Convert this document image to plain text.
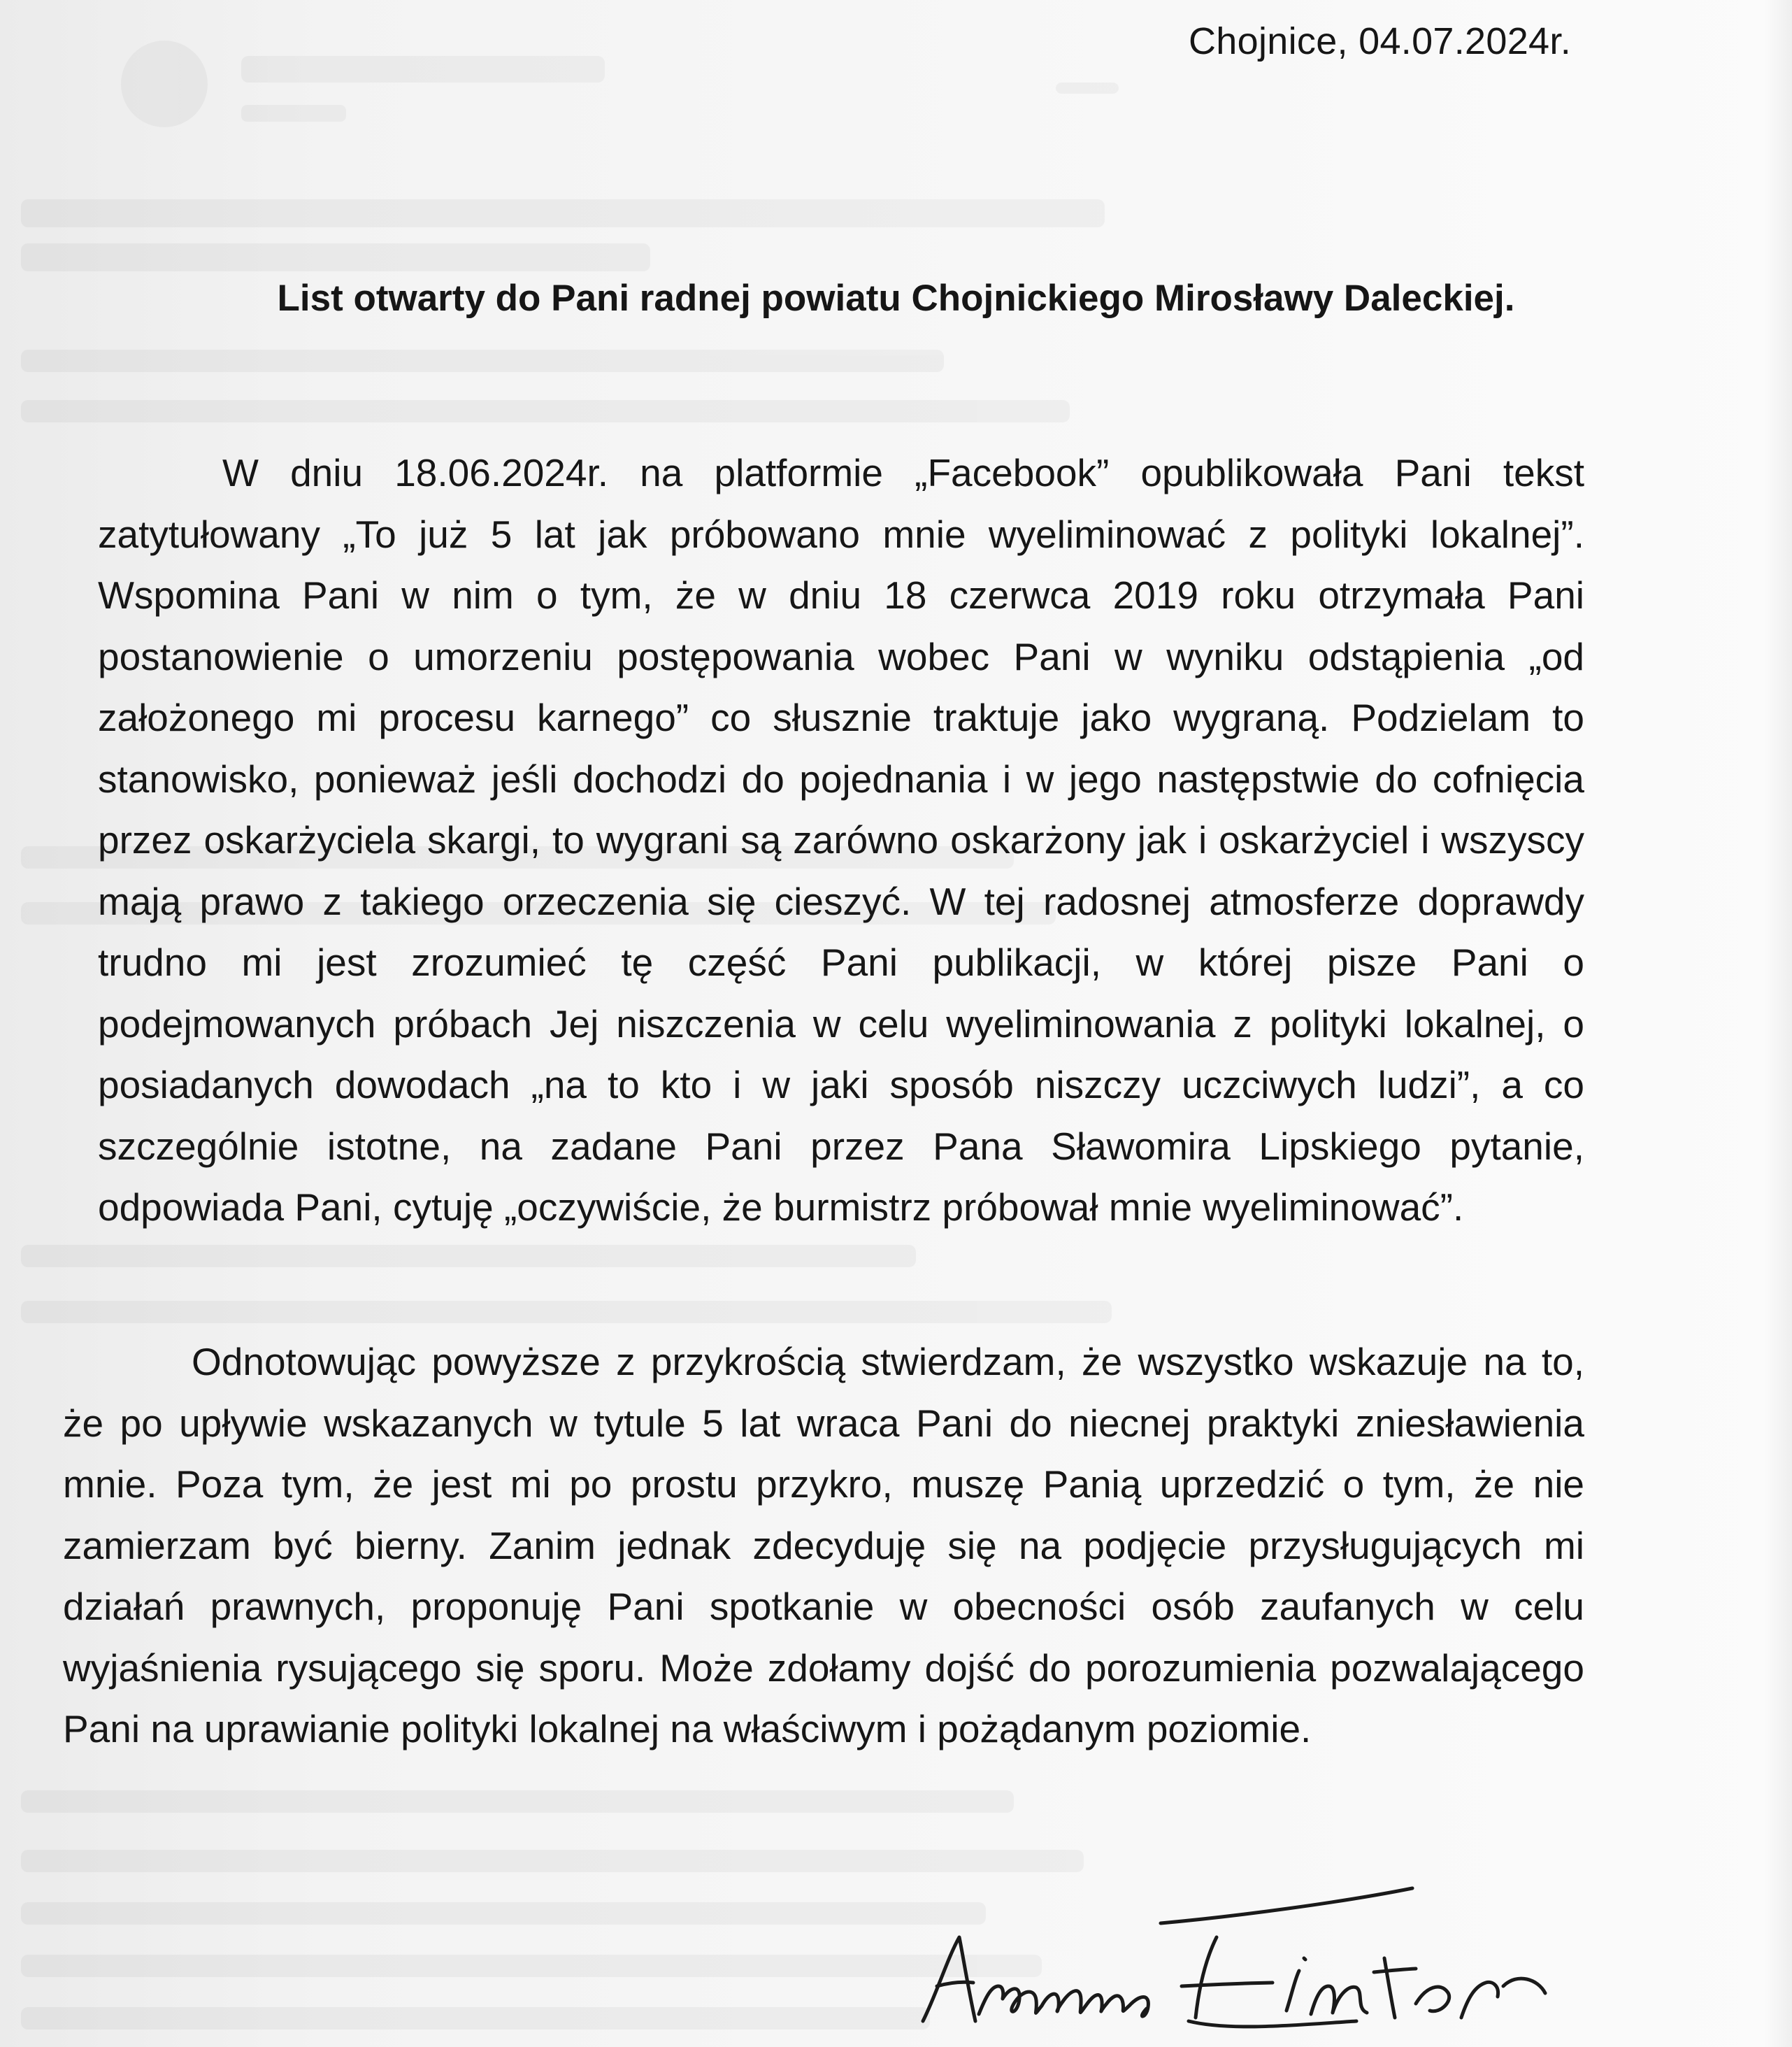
Chojnice, 04.07.2024r.
List otwarty do Pani radnej powiatu Chojnickiego Mirosławy Daleckiej.

W dniu 18.06.2024r. na platformie „Facebook” opublikowała Pani tekst zatytułowany „To już 5 lat jak próbowano mnie wyeliminować z polityki lokalnej”. Wspomina Pani w nim o tym, że w dniu 18 czerwca 2019 roku otrzymała Pani postanowienie o umorzeniu postępowania wobec Pani w wyniku odstąpienia „od założonego mi procesu karnego” co słusznie traktuje jako wygraną. Podzielam to stanowisko, ponieważ jeśli dochodzi do pojednania i w jego następstwie do cofnięcia przez oskarżyciela skargi, to wygrani są zarówno oskarżony jak i oskarżyciel i wszyscy mają prawo z takiego orzeczenia się cieszyć. W tej radosnej atmosferze doprawdy trudno mi jest zrozumieć tę część Pani publikacji, w której pisze Pani o podejmowanych próbach Jej niszczenia w celu wyeliminowania z polityki lokalnej, o posiadanych dowodach „na to kto i w jaki sposób niszczy uczciwych ludzi”, a co szczególnie istotne, na zadane Pani przez Pana Sławomira Lipskiego pytanie, odpowiada Pani, cytuję „oczywiście, że burmistrz próbował mnie wyeliminować”.

Odnotowując powyższe z przykrością stwierdzam, że wszystko wskazuje na to, że po upływie wskazanych w tytule 5 lat wraca Pani do niecnej praktyki zniesławienia mnie. Poza tym, że jest mi po prostu przykro, muszę Panią uprzedzić o tym, że nie zamierzam być bierny. Zanim jednak zdecyduję się na podjęcie przysługujących mi działań prawnych, proponuję Pani spotkanie w obecności osób zaufanych w celu wyjaśnienia rysującego się sporu. Może zdołamy dojść do porozumienia pozwalającego Pani na uprawianie polityki lokalnej na właściwym i pożądanym poziomie.
